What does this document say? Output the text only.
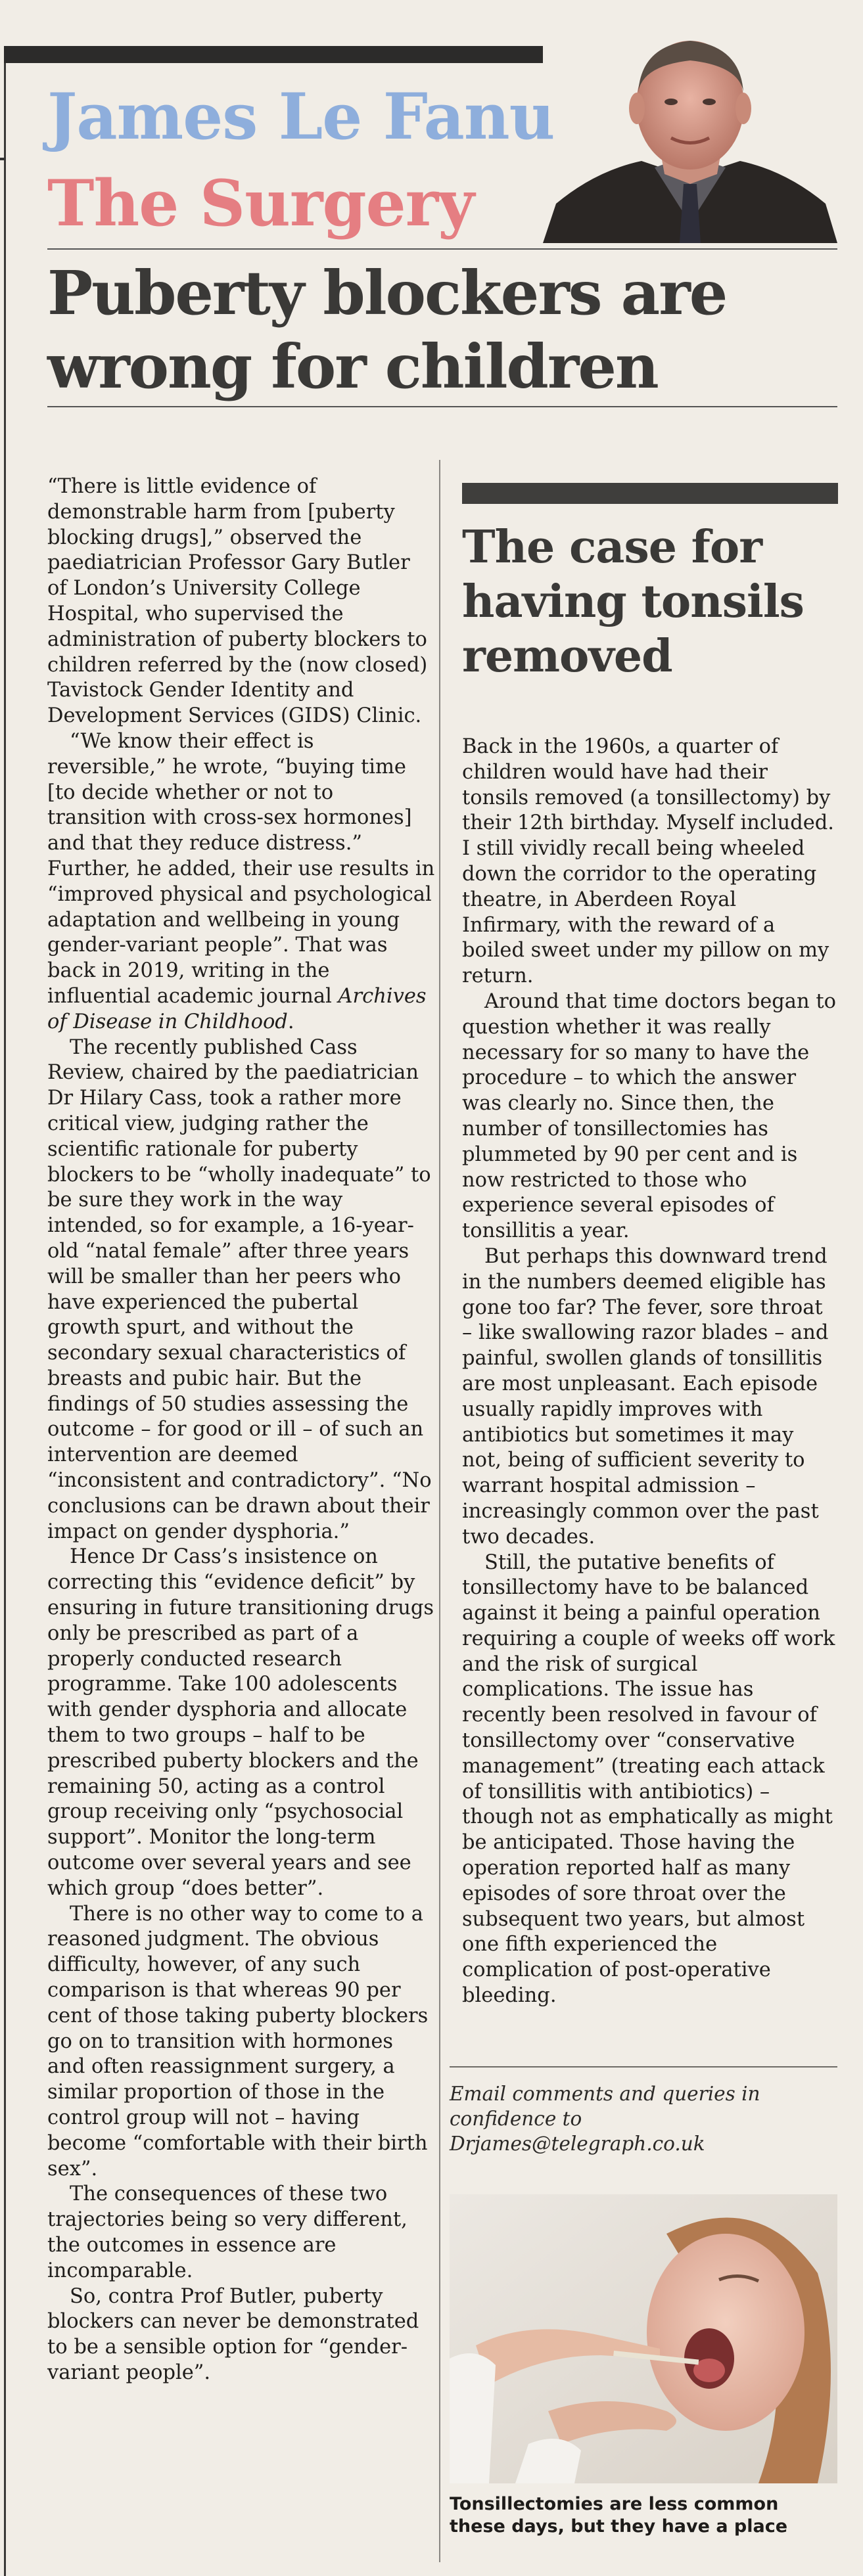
James Le Fanu
The Surgery
Puberty blockers are
wrong for children

“There is little evidence of demonstrable harm from [puberty blocking drugs],” observed the paediatrician Professor Gary Butler of London’s University College Hospital, who supervised the administration of puberty blockers to children referred by the (now closed) Tavistock Gender Identity and Development Services (GIDS) Clinic.

“We know their effect is reversible,” he wrote, “buying time [to decide whether or not to transition with cross-sex hormones] and that they reduce distress.” Further, he added, their use results in “improved physical and psychological adaptation and wellbeing in young gender-variant people”. That was back in 2019, writing in the influential academic journal Archives of Disease in Childhood.

The recently published Cass Review, chaired by the paediatrician Dr Hilary Cass, took a rather more critical view, judging rather the scientific rationale for puberty blockers to be “wholly inadequate” to be sure they work in the way intended, so for example, a 16-year-old “natal female” after three years will be smaller than her peers who have experienced the pubertal growth spurt, and without the secondary sexual characteristics of breasts and pubic hair. But the findings of 50 studies assessing the outcome – for good or ill – of such an intervention are deemed “inconsistent and contradictory”. “No conclusions can be drawn about their impact on gender dysphoria.”

Hence Dr Cass’s insistence on correcting this “evidence deficit” by ensuring in future transitioning drugs only be prescribed as part of a properly conducted research programme. Take 100 adolescents with gender dysphoria and allocate them to two groups – half to be prescribed puberty blockers and the remaining 50, acting as a control group receiving only “psychosocial support”. Monitor the long-term outcome over several years and see which group “does better”.

There is no other way to come to a reasoned judgment. The obvious difficulty, however, of any such comparison is that whereas 90 per cent of those taking puberty blockers go on to transition with hormones and often reassignment surgery, a similar proportion of those in the control group will not – having become “comfortable with their birth sex”.

The consequences of these two trajectories being so very different, the outcomes in essence are incomparable.

So, contra Prof Butler, puberty blockers can never be demonstrated to be a sensible option for “gender-variant people”.

The case for having tonsils removed

Back in the 1960s, a quarter of children would have had their tonsils removed (a tonsillectomy) by their 12th birthday. Myself included. I still vividly recall being wheeled down the corridor to the operating theatre, in Aberdeen Royal Infirmary, with the reward of a boiled sweet under my pillow on my return.

Around that time doctors began to question whether it was really necessary for so many to have the procedure – to which the answer was clearly no. Since then, the number of tonsillectomies has plummeted by 90 per cent and is now restricted to those who experience several episodes of tonsillitis a year.

But perhaps this downward trend in the numbers deemed eligible has gone too far? The fever, sore throat – like swallowing razor blades – and painful, swollen glands of tonsillitis are most unpleasant. Each episode usually rapidly improves with antibiotics but sometimes it may not, being of sufficient severity to warrant hospital admission – increasingly common over the past two decades.

Still, the putative benefits of tonsillectomy have to be balanced against it being a painful operation requiring a couple of weeks off work and the risk of surgical complications. The issue has recently been resolved in favour of tonsillectomy over “conservative management” (treating each attack of tonsillitis with antibiotics) – though not as emphatically as might be anticipated. Those having the operation reported half as many episodes of sore throat over the subsequent two years, but almost one fifth experienced the complication of post-operative bleeding.

Email comments and queries in confidence to Drjames@telegraph.co.uk
Tonsillectomies are less common these days, but they have a place
